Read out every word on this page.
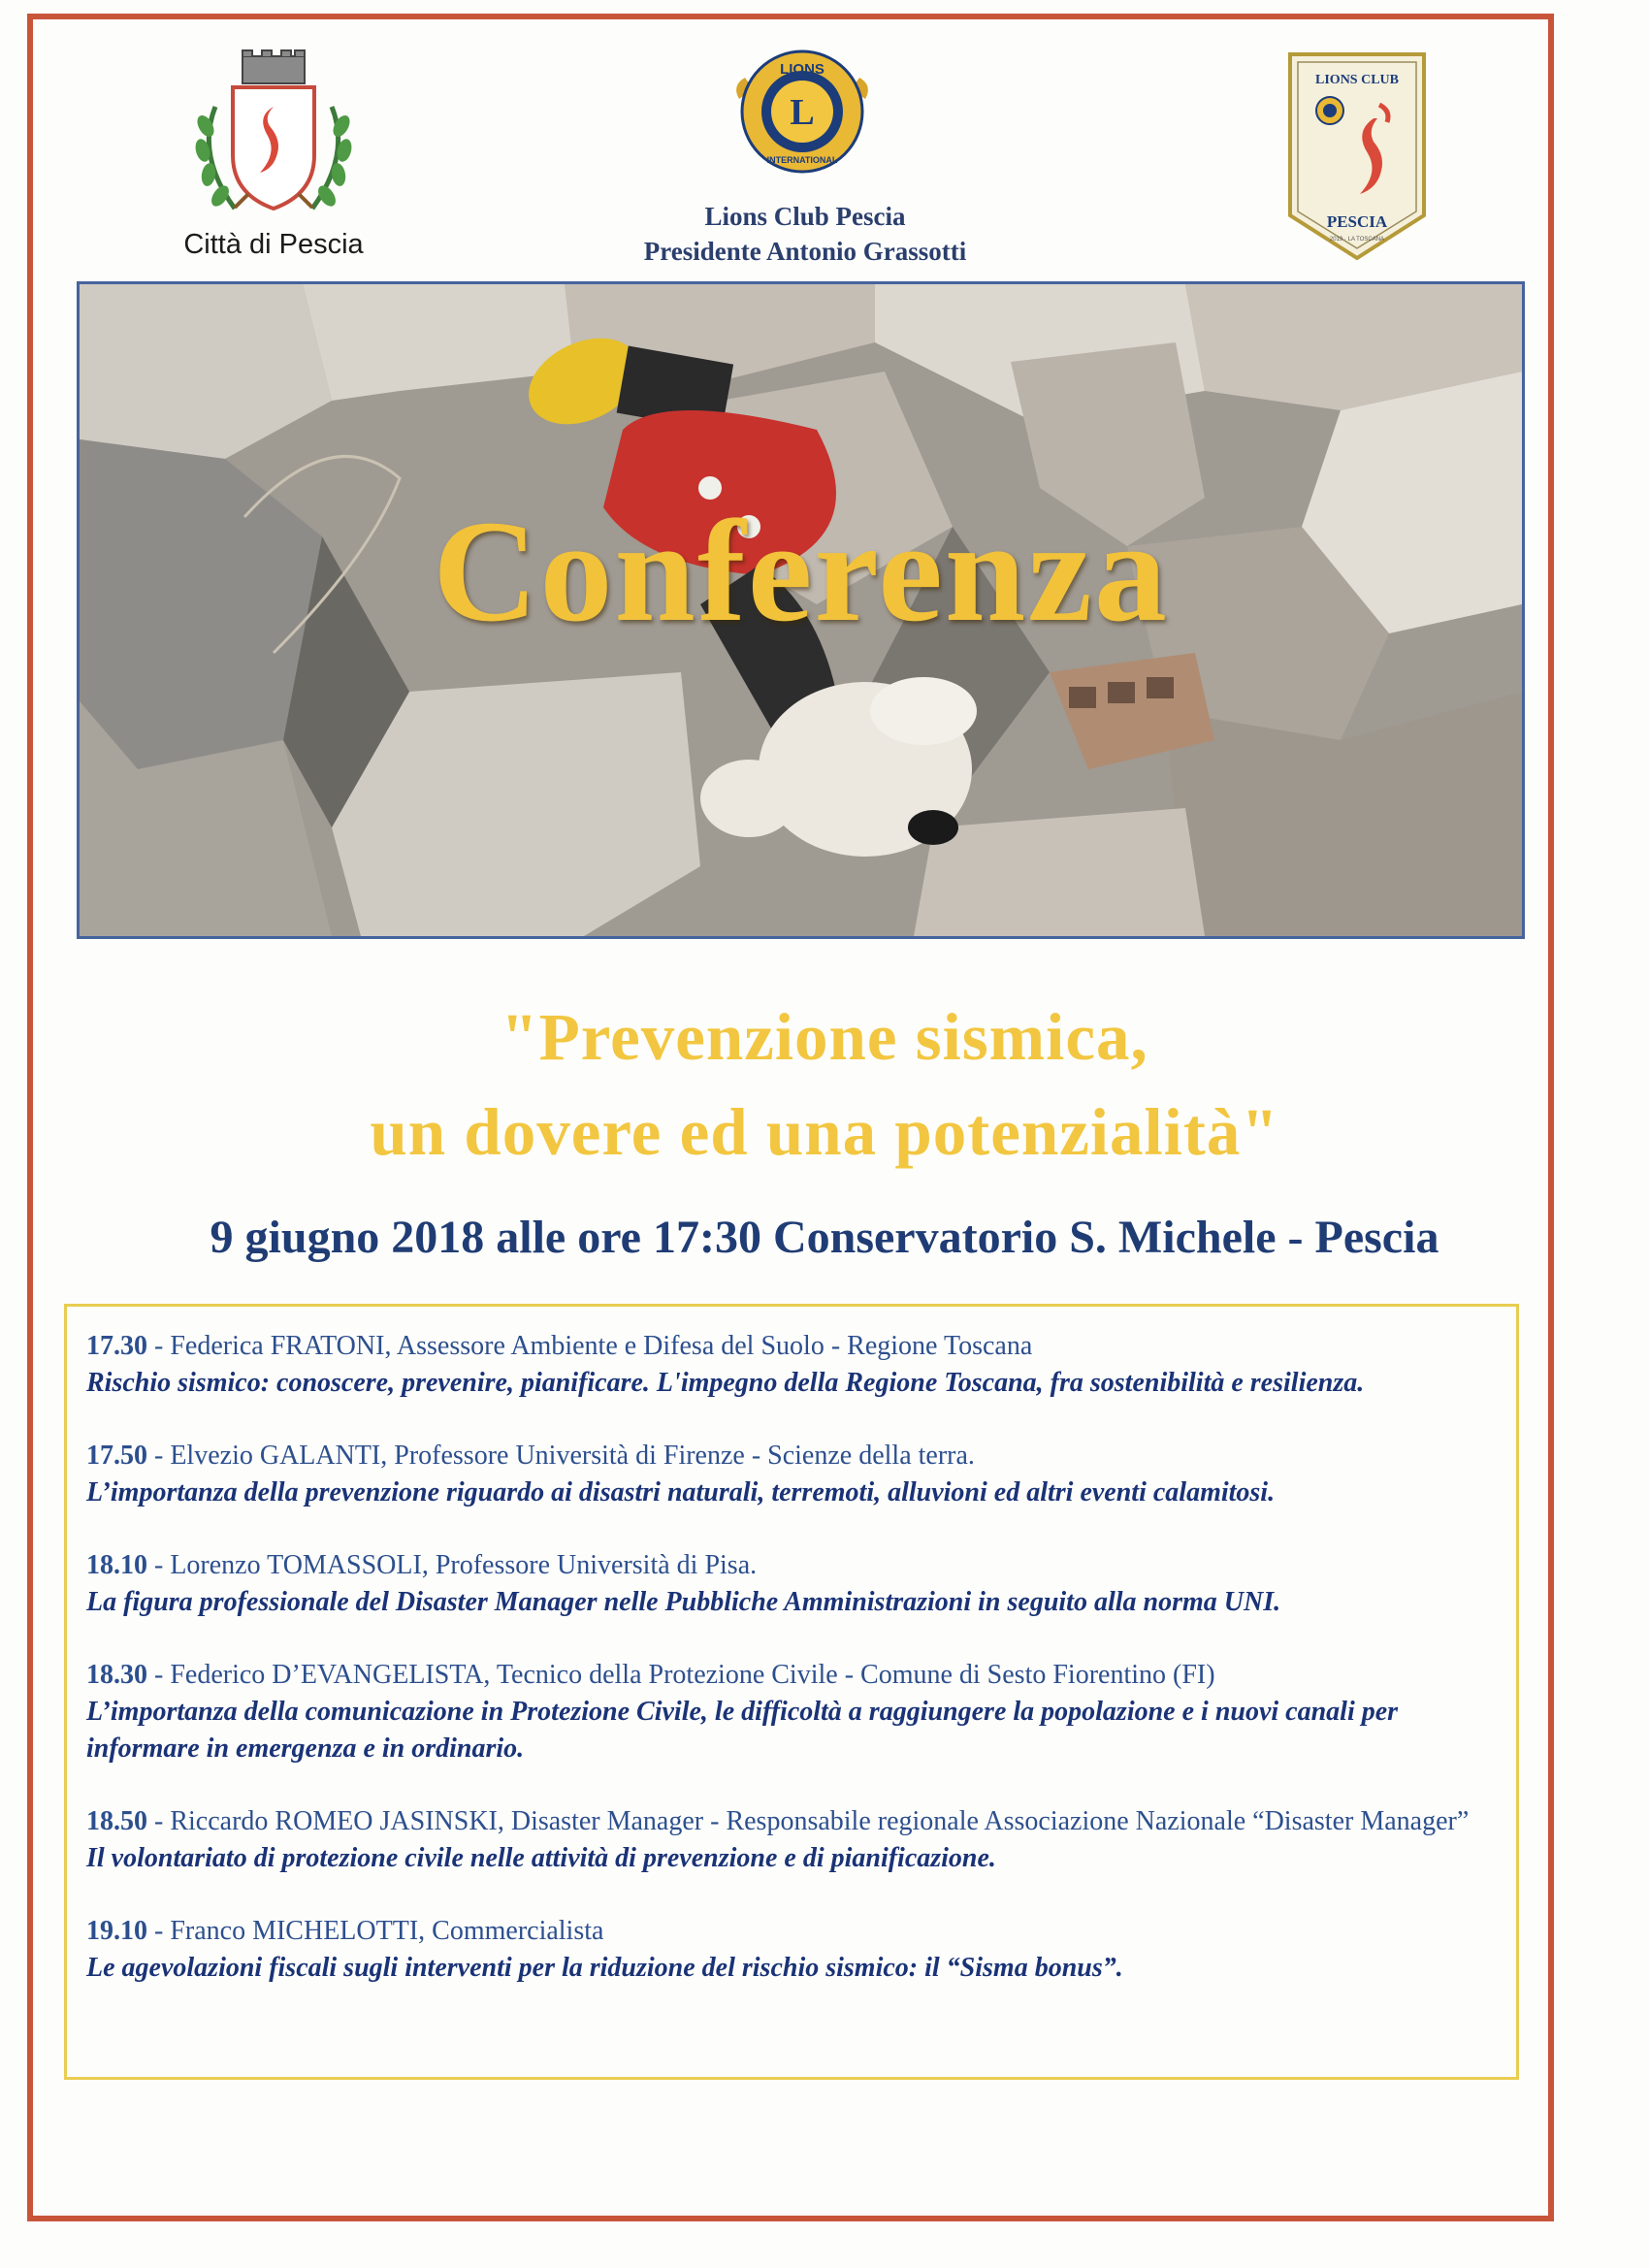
Città di Pescia
LIONS
INTERNATIONAL
L
Lions Club Pescia
Presidente Antonio Grassotti
LIONS CLUB
PESCIA
2019 · LA TOSCANA
Conferenza
"Prevenzione sismica,
un dovere ed una potenzialità"
9 giugno 2018 alle ore 17:30 Conservatorio S. Michele - Pescia
17.30 - Federica FRATONI, Assessore Ambiente e Difesa del Suolo - Regione Toscana
Rischio sismico: conoscere, prevenire, pianificare. L'impegno della Regione Toscana, fra sostenibilità e resilienza.
17.50 - Elvezio GALANTI, Professore Università di Firenze - Scienze della terra.
L’importanza della prevenzione riguardo ai disastri naturali, terremoti, alluvioni ed altri eventi calamitosi.
18.10 - Lorenzo TOMASSOLI, Professore Università di Pisa.
La figura professionale del Disaster Manager nelle Pubbliche Amministrazioni in seguito alla norma UNI.
18.30 - Federico D’EVANGELISTA, Tecnico della Protezione Civile - Comune di Sesto Fiorentino (FI)
L’importanza della comunicazione in Protezione Civile, le difficoltà a raggiungere la popolazione e i nuovi canali per informare in emergenza e in ordinario.
18.50 - Riccardo ROMEO JASINSKI, Disaster Manager - Responsabile regionale Associazione Nazionale “Disaster Manager”
Il volontariato di protezione civile nelle attività di prevenzione e di pianificazione.
19.10 - Franco MICHELOTTI, Commercialista
Le agevolazioni fiscali sugli interventi per la riduzione del rischio sismico: il “Sisma bonus”.
